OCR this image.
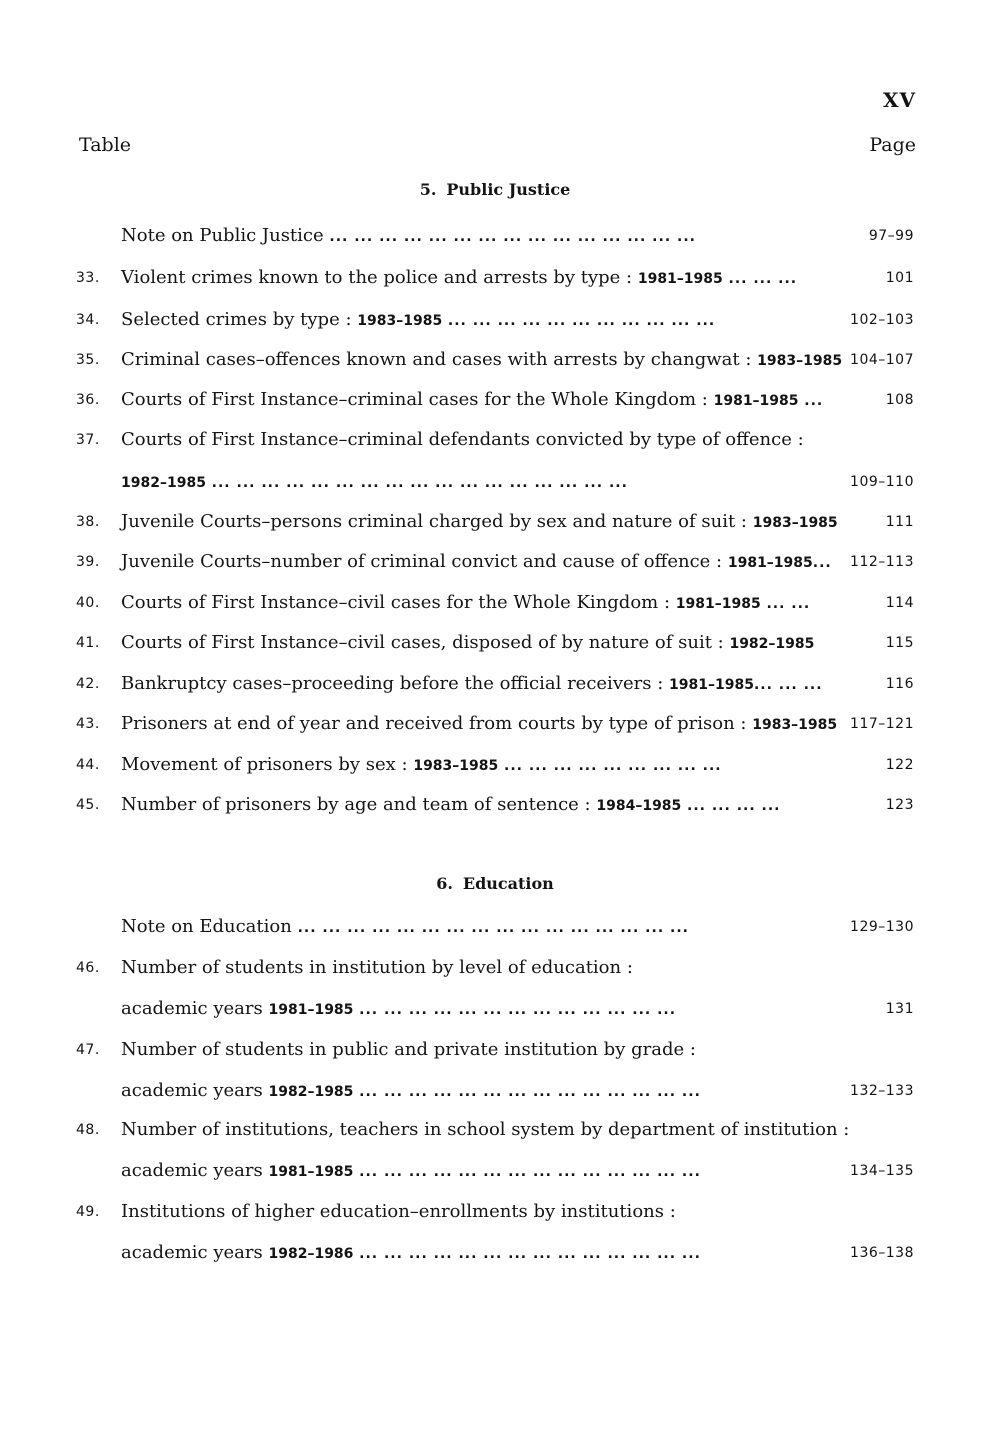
XV
Table	Page
5. Public Justice
Note on Public Justice ... ... ... ... ... ... ... ... ... ... ... ... ... ... ...	97–99
33.	Violent crimes known to the police and arrests by type : 1981–1985 ... ... ...	101
34.	Selected crimes by type : 1983–1985 ... ... ... ... ... ... ... ... ... ... ...	102–103
35.	Criminal cases–offences known and cases with arrests by changwat : 1983–1985 104–107
36.	Courts of First Instance–criminal cases for the Whole Kingdom : 1981–1985 ...	108
37.	Courts of First Instance–criminal defendants convicted by type of offence :
1982–1985 ... ... ... ... ... ... ... ... ... ... ... ... ... ... ... ... ...	109–110
38.	Juvenile Courts–persons criminal charged by sex and nature of suit : 1983–1985	111
39.	Juvenile Courts–number of criminal convict and cause of offence : 1981–1985...	112–113
40.	Courts of First Instance–civil cases for the Whole Kingdom : 1981–1985 ... ...	114
41.	Courts of First Instance–civil cases, disposed of by nature of suit : 1982–1985	115
42.	Bankruptcy cases–proceeding before the official receivers : 1981–1985... ... ...	116
43.	Prisoners at end of year and received from courts by type of prison : 1983–1985 117–121
44.	Movement of prisoners by sex : 1983–1985 ... ... ... ... ... ... ... ... ...	122
45.	Number of prisoners by age and team of sentence : 1984–1985 ... ... ... ...	123
6. Education
Note on Education ... ... ... ... ... ... ... ... ... ... ... ... ... ... ... ...	129–130
46.	Number of students in institution by level of education :
academic years 1981–1985 ... ... ... ... ... ... ... ... ... ... ... ... ...	131
47.	Number of students in public and private institution by grade :
academic years 1982–1985 ... ... ... ... ... ... ... ... ... ... ... ... ... ...	132–133
48.	Number of institutions, teachers in school system by department of institution :
academic years 1981–1985 ... ... ... ... ... ... ... ... ... ... ... ... ... ...	134–135
49.	Institutions of higher education–enrollments by institutions :
academic years 1982–1986 ... ... ... ... ... ... ... ... ... ... ... ... ... ...	136–138
